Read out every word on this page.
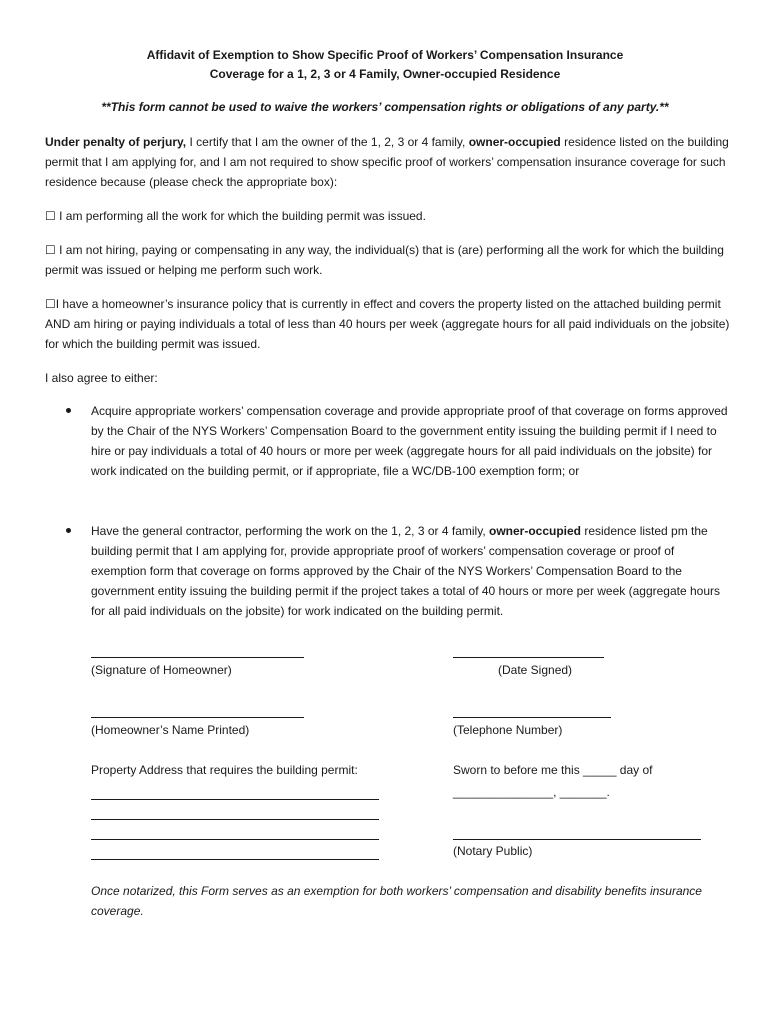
Affidavit of Exemption to Show Specific Proof of Workers’ Compensation Insurance
Coverage for a 1, 2, 3 or 4 Family, Owner-occupied Residence
**This form cannot be used to waive the workers’ compensation rights or obligations of any party.**
Under penalty of perjury, I certify that I am the owner of the 1, 2, 3 or 4 family, owner-occupied residence listed on the building permit that I am applying for, and I am not required to show specific proof of workers’ compensation insurance coverage for such residence because (please check the appropriate box):
☐ I am performing all the work for which the building permit was issued.
☐ I am not hiring, paying or compensating in any way, the individual(s) that is (are) performing all the work for which the building permit was issued or helping me perform such work.
☐I have a homeowner’s insurance policy that is currently in effect and covers the property listed on the attached building permit AND am hiring or paying individuals a total of less than 40 hours per week (aggregate hours for all paid individuals on the jobsite) for which the building permit was issued.
I also agree to either:
Acquire appropriate workers’ compensation coverage and provide appropriate proof of that coverage on forms approved by the Chair of the NYS Workers’ Compensation Board to the government entity issuing the building permit if I need to hire or pay individuals a total of 40 hours or more per week (aggregate hours for all paid individuals on the jobsite) for work indicated on the building permit, or if appropriate, file a WC/DB-100 exemption form; or
Have the general contractor, performing the work on the 1, 2, 3 or 4 family, owner-occupied residence listed pm the building permit that I am applying for, provide appropriate proof of workers’ compensation coverage or proof of exemption form that coverage on forms approved by the Chair of the NYS Workers’ Compensation Board to the government entity issuing the building permit if the project takes a total of 40 hours or more per week (aggregate hours for all paid individuals on the jobsite) for work indicated on the building permit.
(Signature of Homeowner)	(Date Signed)
(Homeowner’s Name Printed)	(Telephone Number)
Property Address that requires the building permit:	Sworn to before me this _____ day of
_______________, _______.
(Notary Public)
Once notarized, this Form serves as an exemption for both workers’ compensation and disability benefits insurance coverage.
